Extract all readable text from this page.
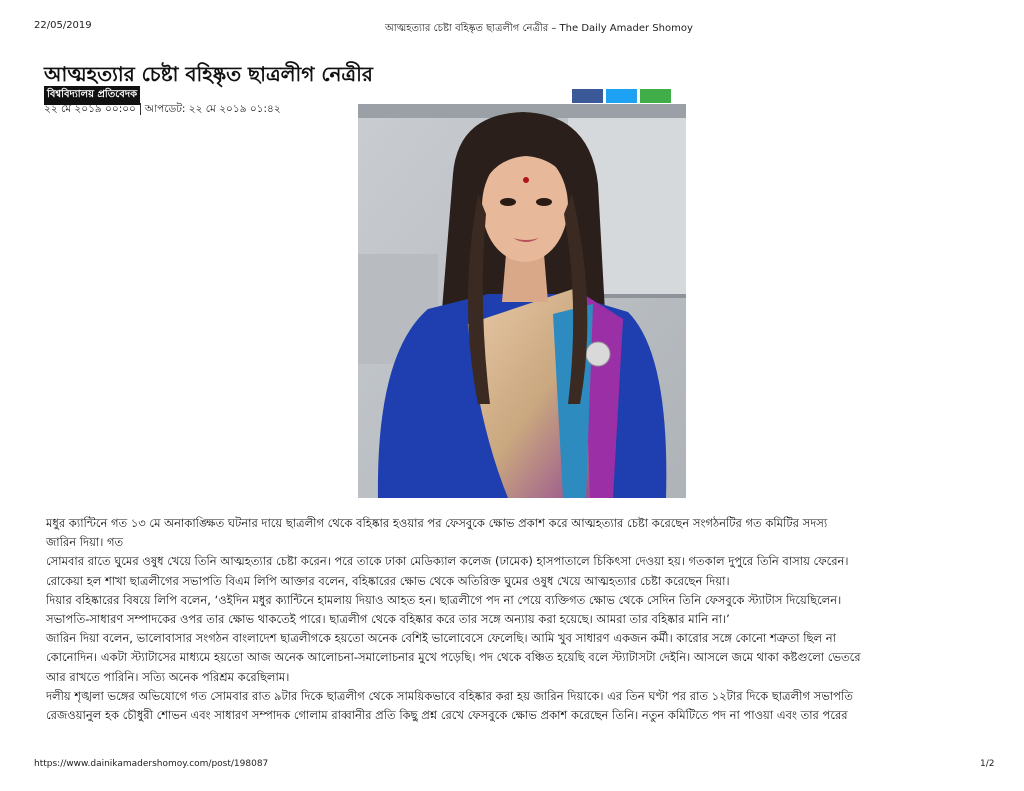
22/05/2019	আত্মহত্যার চেষ্টা বহিষ্কৃত ছাত্রলীগ নেত্রীর – The Daily Amader Shomoy
আত্মহত্যার চেষ্টা বহিষ্কৃত ছাত্রলীগ নেত্রীর
বিশ্ববিদ্যালয় প্রতিবেদক
২২ মে ২০১৯ ০০:০০ আপডেট: ২২ মে ২০১৯ ০১:৪২

মধুর ক্যান্টিনে গত ১৩ মে অনাকাঙ্ক্ষিত ঘটনার দায়ে ছাত্রলীগ থেকে বহিষ্কার হওয়ার পর ফেসবুকে ক্ষোভ প্রকাশ করে আত্মহত্যার চেষ্টা করেছেন সংগঠনটির গত কমিটির সদস্য

জারিন দিয়া। গত

সোমবার রাতে ঘুমের ওষুধ খেয়ে তিনি আত্মহত্যার চেষ্টা করেন। পরে তাকে ঢাকা মেডিক্যাল কলেজ (ঢামেক) হাসপাতালে চিকিৎসা দেওয়া হয়। গতকাল দুপুরে তিনি বাসায় ফেরেন।

রোকেয়া হল শাখা ছাত্রলীগের সভাপতি বিএম লিপি আক্তার বলেন, বহিষ্কারের ক্ষোভ থেকে অতিরিক্ত ঘুমের ওষুধ খেয়ে আত্মহত্যার চেষ্টা করেছেন দিয়া।

দিয়ার বহিষ্কারের বিষয়ে লিপি বলেন, ‘ওইদিন মধুর ক্যান্টিনে হামলায় দিয়াও আহত হন। ছাত্রলীগে পদ না পেয়ে ব্যক্তিগত ক্ষোভ থেকে সেদিন তিনি ফেসবুকে স্ট্যাটাস দিয়েছিলেন।

সভাপতি-সাধারণ সম্পাদকের ওপর তার ক্ষোভ থাকতেই পারে। ছাত্রলীগ থেকে বহিষ্কার করে তার সঙ্গে অন্যায় করা হয়েছে। আমরা তার বহিষ্কার মানি না।’

জারিন দিয়া বলেন, ভালোবাসার সংগঠন বাংলাদেশ ছাত্রলীগকে হয়তো অনেক বেশিই ভালোবেসে ফেলেছি। আমি খুব সাধারণ একজন কর্মী। কারোর সঙ্গে কোনো শত্রুতা ছিল না

কোনোদিন। একটা স্ট্যাটাসের মাধ্যমে হয়তো আজ অনেক আলোচনা-সমালোচনার মুখে পড়েছি। পদ থেকে বঞ্চিত হয়েছি বলে স্ট্যাটাসটা দেইনি। আসলে জমে থাকা কষ্টগুলো ভেতরে

আর রাখতে পারিনি। সত্যি অনেক পরিশ্রম করেছিলাম।

দলীয় শৃঙ্খলা ভঙ্গের অভিযোগে গত সোমবার রাত ৯টার দিকে ছাত্রলীগ থেকে সাময়িকভাবে বহিষ্কার করা হয় জারিন দিয়াকে। এর তিন ঘণ্টা পর রাত ১২টার দিকে ছাত্রলীগ সভাপতি

রেজওয়ানুল হক চৌধুরী শোভন এবং সাধারণ সম্পাদক গোলাম রাব্বানীর প্রতি কিছু প্রশ্ন রেখে ফেসবুকে ক্ষোভ প্রকাশ করেছেন তিনি। নতুন কমিটিতে পদ না পাওয়া এবং তার পরের

https://www.dainikamadershomoy.com/post/198087	1/2
